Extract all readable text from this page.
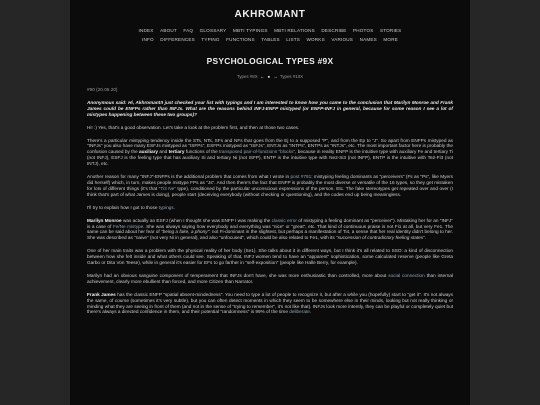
AKHROMANT
INDEX ABOUT FAQ GLOSSARY MBTI TYPINGS MBTI RELATIONS DESCRIBE PHOTOS STORIES
INFO DIFFERENCES TYPING FUNCTIONS TABLES LISTS WORKS VARIOUS NAMES MORE
PSYCHOLOGICAL TYPES #9X
Types #8X ← ● → Types #10X
#90 (20.05.20)

Anonymous said: Hi, Akhromant!I just checked your list with typings and I am interested to know how you came to the conclusion that Marilyn Monroe and Frank James could be ENFPs rather than INFJs. What are the reasons behind INFJ-ENFP mistyped (or ENFP-INFJ in general, because for some reason I see a lot of mistypes happening between these two groups)?

Hi! :) Yes, that's a good observation. Let's take a look at the problem first, and then at those two cases.

There's a particular mistyping tendency inside the STs, NTs, SFs and NFs that goes from the Ej to a supposed "P", and from the Ep to "J". So apart from ENFPs mistyped as "INFJs" you also have many ESFJs mistyped as "ISFPs", ESFPs mistyped as "ISFJs", ENTJs as "INTPs", ENTPs as "INTJs", etc. The most important factor here is probably the confusion caused by the auxiliary and tertiary functions of the transposed pair-of-functions "blocks", because in reality ENFP is the intuitive type with auxiliary Fe and tertiary Ti (not INFJ), ESFJ is the feeling type that has auxiliary Si and tertiary Ni (not ISFP), ENTP is the intuitive type with Ne2-Si3 (not INFP), ENTP is the intuitive with Te2-Fi3 (not INTJ), etc.

Another reason for many "INFJ"-ENFPs is the additional problem that comes from what I wrote in post #781: mistyping feeling dominants as "perceivers" (Fs as "Ps", like Myers did herself) which, in turn, makes people mistype FPs as "Js". And then there's the fact that ENFP is probably the most diverse or versatile of the 16 types, so they get mistaken for lots of different things (it's that "Ti3 Ne" type), conditioned by the particular unconscious expressions of the person. Etc. The fake stereotypes get repeated over and over (I think that's part of what James is doing), people start (deceiving everybody (without checking or questioning), and the codes end up being meaningless.

I'll try to explain how I got to those typings.

Marilyn Monroe was actually an ESFJ (when I thought she was ENFP I was making the classic error of mistyping a feeling dominant as "perceiver"). Mistaking her for an "INFJ" is a case of Fe/Ne mistype. She was always saying how everybody and everything was "nice" or "great", etc. That kind of continuous praise is not Fi1 at all, but very Fe1. The same can be said about her fear of "being a fake, a phony": not Fi-dominant in the slightest, but perhaps a manifestation of Ti4, a sense that her real identity didn't belong to her. She was described as "naive" (not very Ni in general), and also "unfocused", which could be also related to Fe1, with its "succession of contradictory feeling states".

One of her main traits was a problem with the physical reality of her body (Se1). She talks about it in different ways, but I think it's all related to SSO: a kind of disconnection between how she felt inside and what others could see. Speaking of that, INFJ women tend to have an "apparent" sophistication, some calculated reserve (people like Greta Garbo or Dita Von Teese), while in general it's easier for EFs to go farther in "self-exposition" (people like Halle Berry, for example).

Marilyn had an obvious sanguine component of temperament that INFJs don't have, she was more enthusiastic than controlled, more about social connection than internal achievement, clearly more ebullient than forced, and more Citizen than Narrator.

Frank James has the classic ENFP "spatial absent-mindedness". You need to type a lot of people to recognize it, but after a while you (hopefully) start to "get it". It's not always the same, of course (sometimes it's very subtle), but you can often detect moments in which they seem to be somewhere else in their minds, looking but not really thinking or minding what they are seeing in front of them (and not in the sense of "trying to remember", it's not like that). INFJs look more intently, they can be playful or completely quiet but there's always a directed confidence in them, and their potential "randomness" is 99% of the time deliberate.
